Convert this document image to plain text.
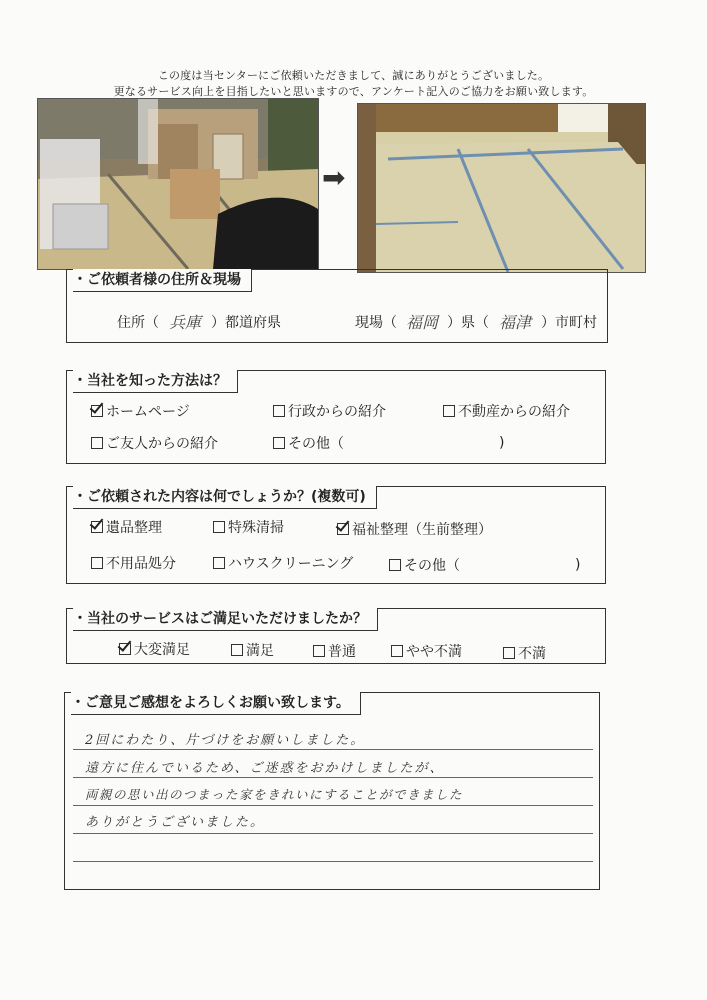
この度は当センターにご依頼いただきまして、誠にありがとうございました。
更なるサービス向上を目指したいと思いますので、アンケート記入のご協力をお願い致します。
➡
・ご依頼者様の住所＆現場
住所 （ 兵庫 ） 都道府県	現場 （ 福岡 ） 県 （ 福津 ） 市町村
・当社を知った方法は？
ホームページ	行政からの紹介	不動産からの紹介
ご友人からの紹介	その他（	)
・ご依頼された内容は何でしょうか？(複数可)
遺品整理	特殊清掃	福祉整理（生前整理）
不用品処分	ハウスクリーニング	その他（	)
・当社のサービスはご満足いただけましたか？
大変満足	満足	普通	やや不満	不満
・ご意見ご感想をよろしくお願い致します。
2回にわたり、片づけをお願いしました。
遠方に住んでいるため、ご迷惑をおかけしましたが、
両親の思い出のつまった家をきれいにすることができました
ありがとうございました。
